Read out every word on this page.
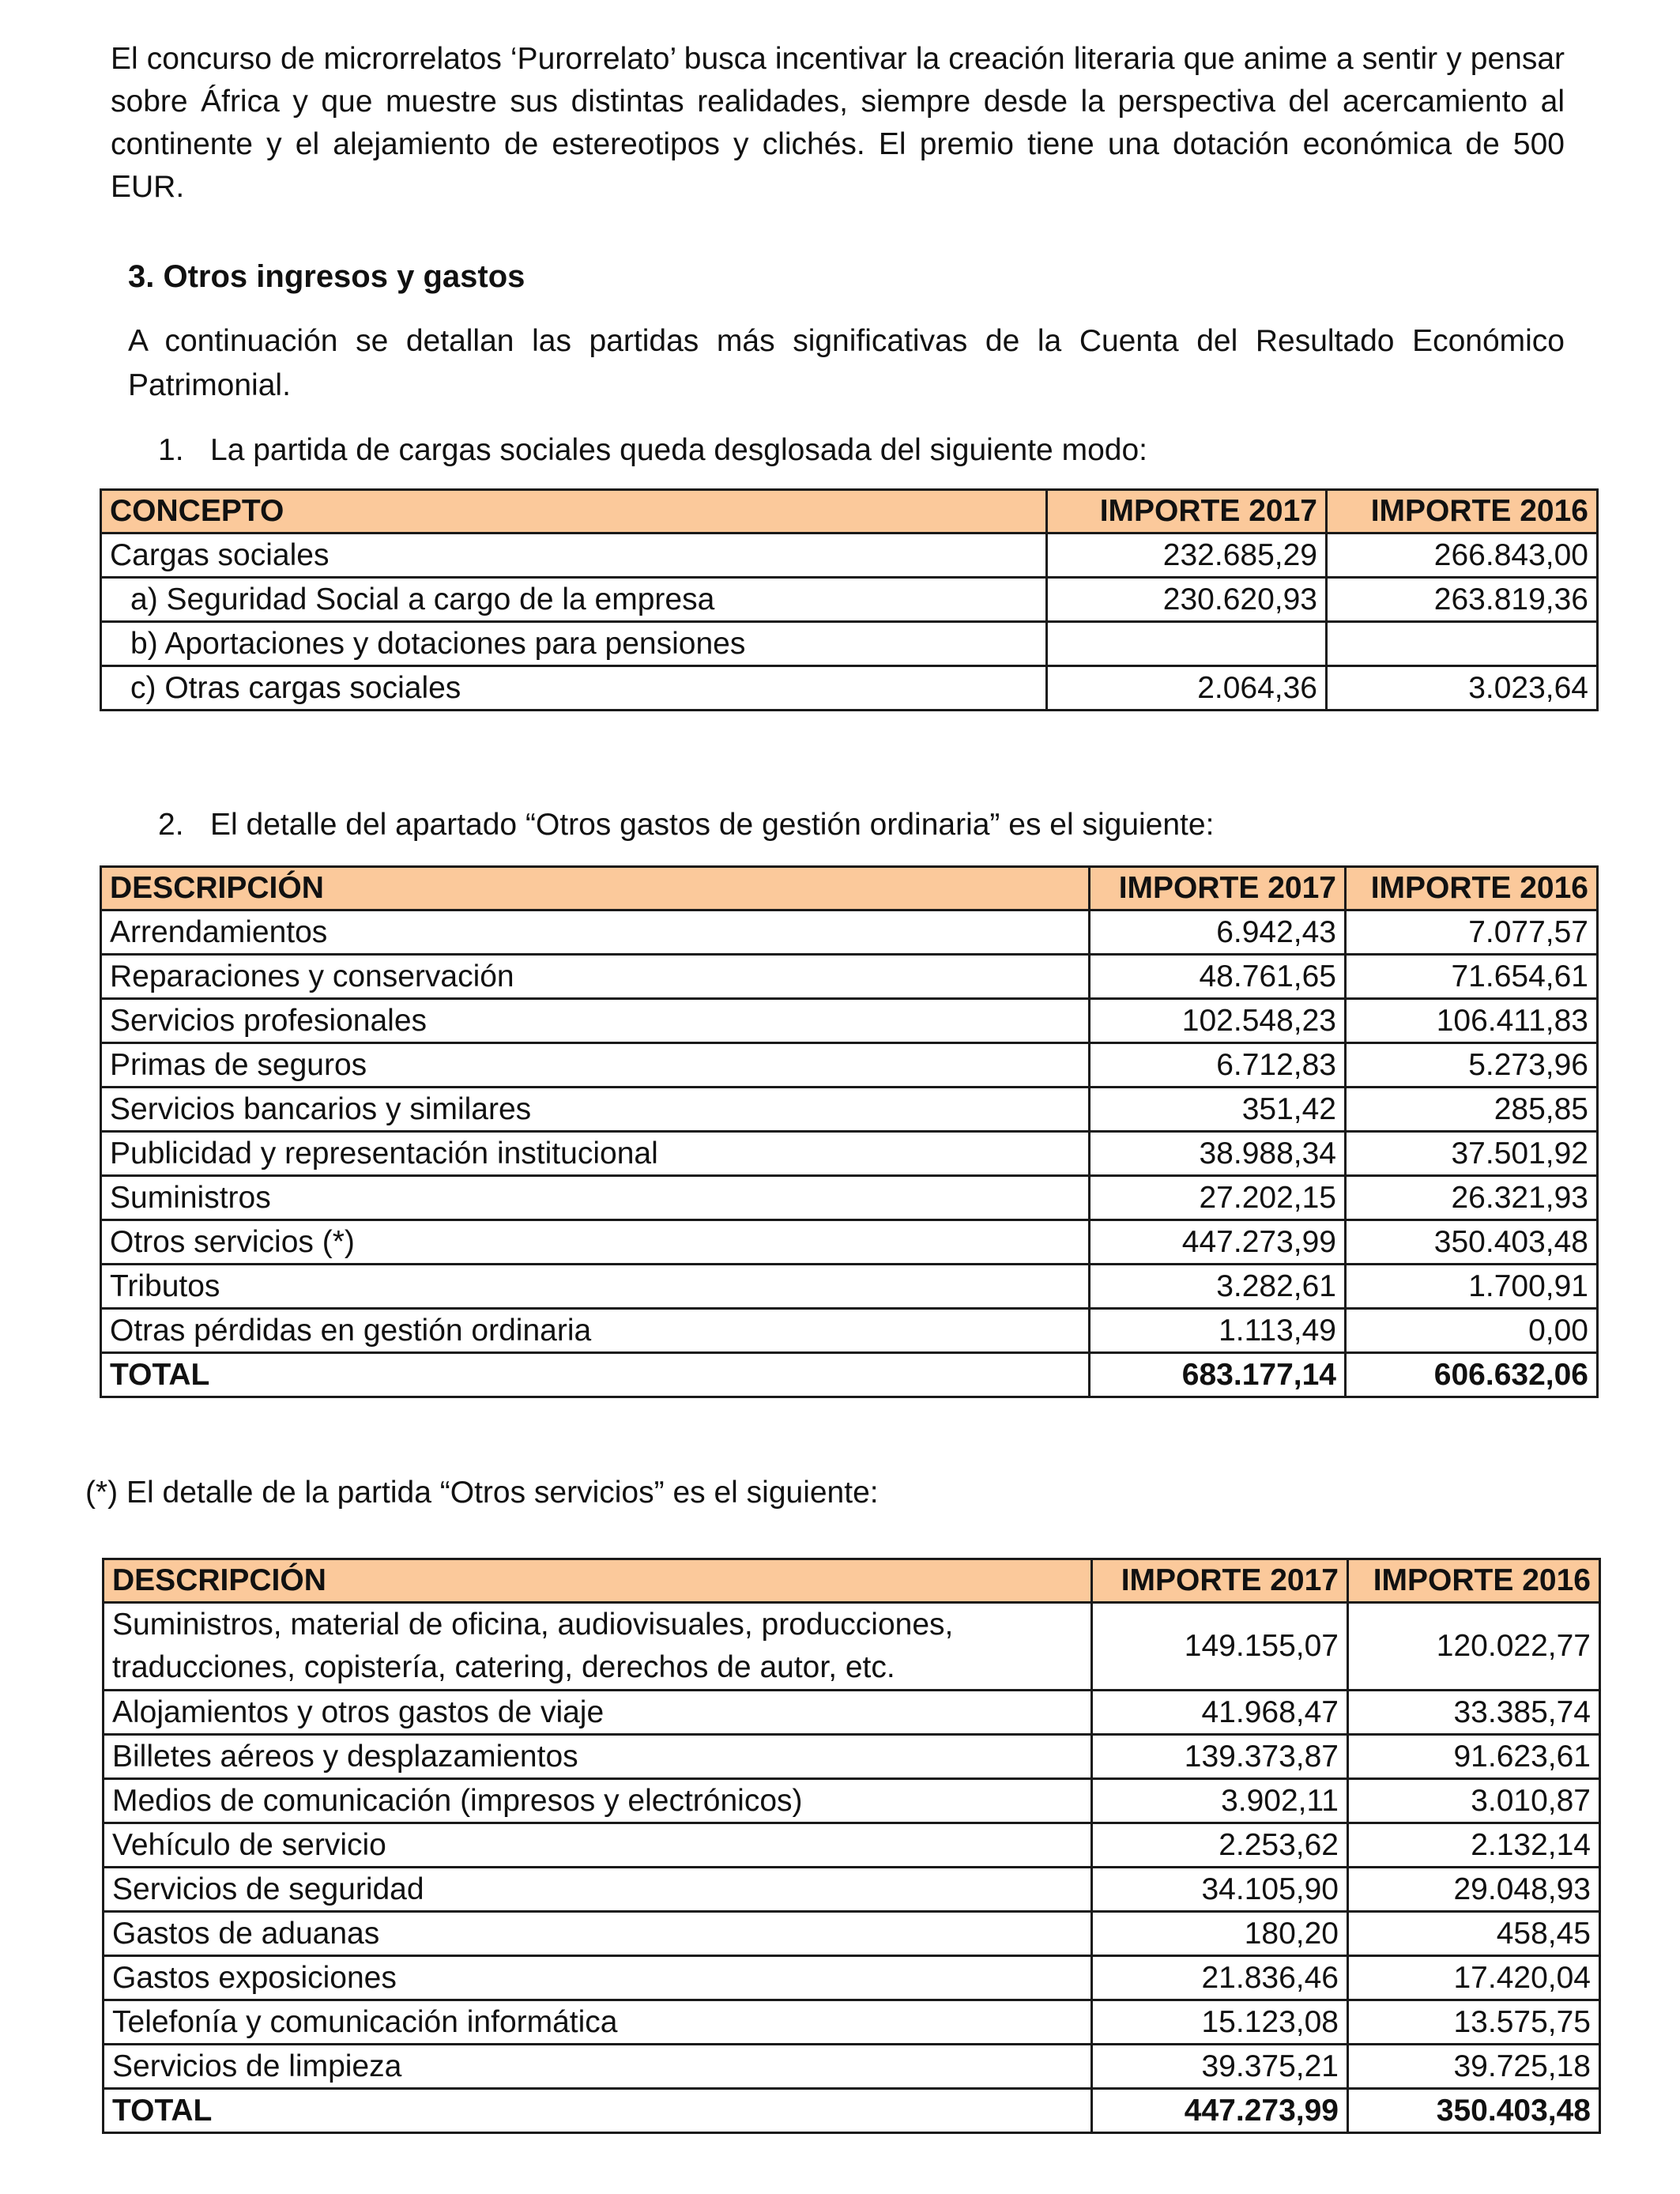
El concurso de microrrelatos ‘Purorrelato’ busca incentivar la creación literaria que anime a sentir y pensar sobre África y que muestre sus distintas realidades, siempre desde la perspectiva del acercamiento al continente y el alejamiento de estereotipos y clichés. El premio tiene una dotación económica de 500 EUR.

3. Otros ingresos y gastos

A continuación se detallan las partidas más significativas de la Cuenta del Resultado Económico Patrimonial.

1. La partida de cargas sociales queda desglosada del siguiente modo:

CONCEPTO	IMPORTE 2017	IMPORTE 2016
Cargas sociales	232.685,29	266.843,00
a) Seguridad Social a cargo de la empresa	230.620,93	263.819,36
b) Aportaciones y dotaciones para pensiones		
c) Otras cargas sociales	2.064,36	3.023,64

2. El detalle del apartado “Otros gastos de gestión ordinaria” es el siguiente:

DESCRIPCIÓN	IMPORTE 2017	IMPORTE 2016
Arrendamientos	6.942,43	7.077,57
Reparaciones y conservación	48.761,65	71.654,61
Servicios profesionales	102.548,23	106.411,83
Primas de seguros	6.712,83	5.273,96
Servicios bancarios y similares	351,42	285,85
Publicidad y representación institucional	38.988,34	37.501,92
Suministros	27.202,15	26.321,93
Otros servicios (*)	447.273,99	350.403,48
Tributos	3.282,61	1.700,91
Otras pérdidas en gestión ordinaria	1.113,49	0,00
TOTAL	683.177,14	606.632,06

(*) El detalle de la partida “Otros servicios” es el siguiente:

DESCRIPCIÓN	IMPORTE 2017	IMPORTE 2016
Suministros, material de oficina, audiovisuales, producciones, traducciones, copistería, catering, derechos de autor, etc.	149.155,07	120.022,77
Alojamientos y otros gastos de viaje	41.968,47	33.385,74
Billetes aéreos y desplazamientos	139.373,87	91.623,61
Medios de comunicación (impresos y electrónicos)	3.902,11	3.010,87
Vehículo de servicio	2.253,62	2.132,14
Servicios de seguridad	34.105,90	29.048,93
Gastos de aduanas	180,20	458,45
Gastos exposiciones	21.836,46	17.420,04
Telefonía y comunicación informática	15.123,08	13.575,75
Servicios de limpieza	39.375,21	39.725,18
TOTAL	447.273,99	350.403,48
